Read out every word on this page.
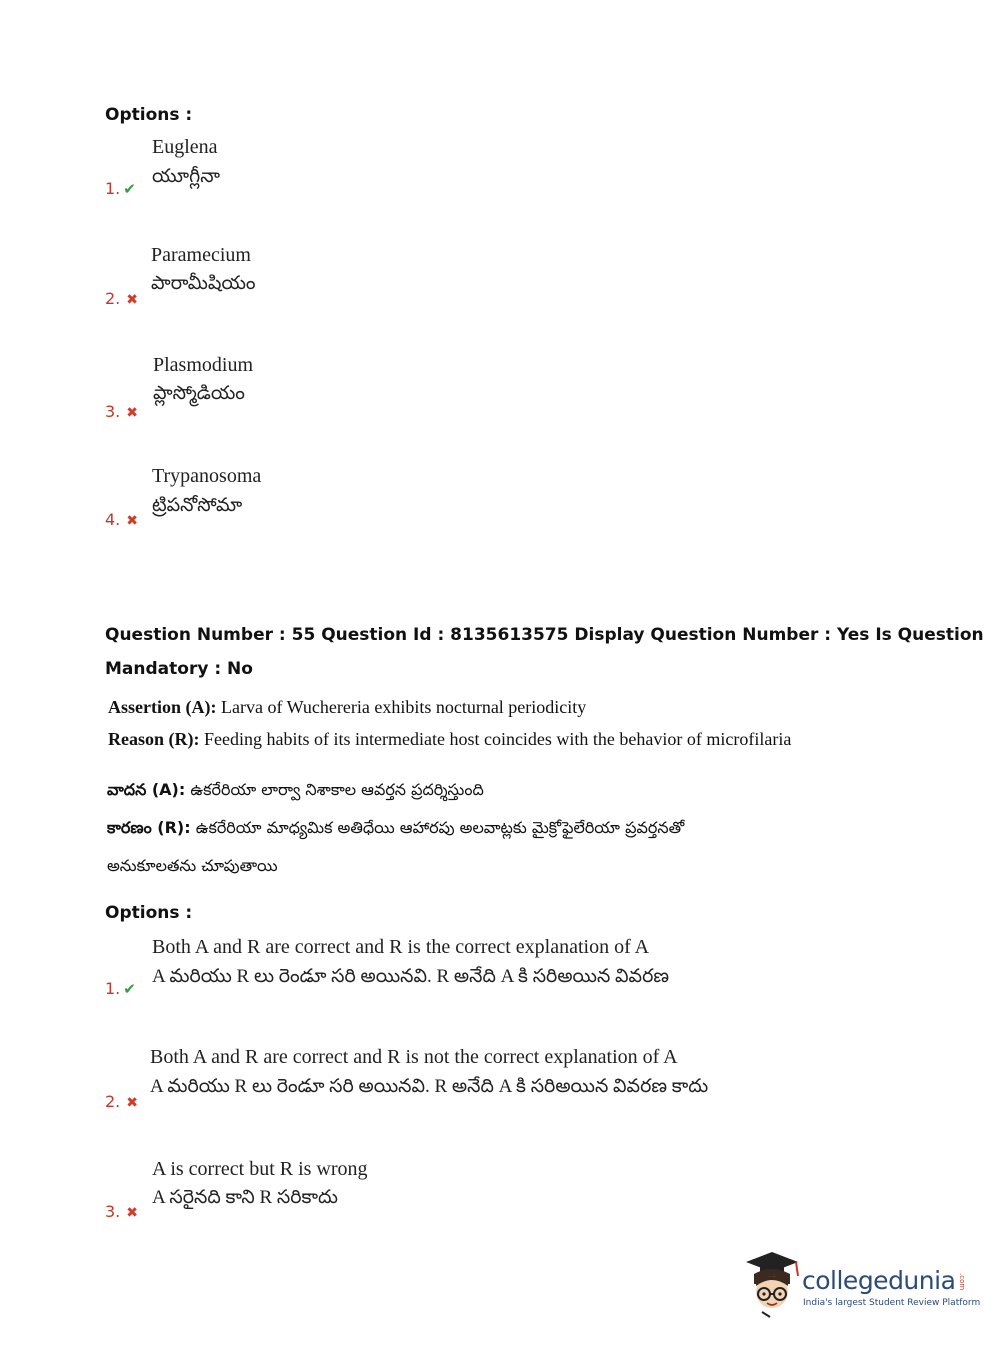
Options :
Euglena
యూగ్లీనా
1. ✔
Paramecium
పారామీషియం
2. ✖
Plasmodium
ప్లాస్మోడియం
3. ✖
Trypanosoma
ట్రిపనోసోమా
4. ✖
Question Number : 55 Question Id : 8135613575 Display Question Number : Yes Is Question
Mandatory : No
Assertion (A): Larva of Wuchereria exhibits nocturnal periodicity
Reason (R): Feeding habits of its intermediate host coincides with the behavior of microfilaria
వాదన (A): ఉకరేరియా లార్వా నిశాకాల ఆవర్తన ప్రదర్శిస్తుంది
కారణం (R): ఉకరేరియా మాధ్యమిక అతిధేయి ఆహారపు అలవాట్లకు మైక్రోఫైలేరియా ప్రవర్తనతో
అనుకూలతను చూపుతాయి
Options :
Both A and R are correct and R is the correct explanation of A
A మరియు R లు రెండూ సరి అయినవి. R అనేది A కి సరిఅయిన వివరణ
1. ✔
Both A and R are correct and R is not the correct explanation of A
A మరియు R లు రెండూ సరి అయినవి. R అనేది A కి సరిఅయిన వివరణ కాదు
2. ✖
A is correct but R is wrong
A సరైనది కాని R సరికాదు
3. ✖
collegedunia .com
India's largest Student Review Platform
